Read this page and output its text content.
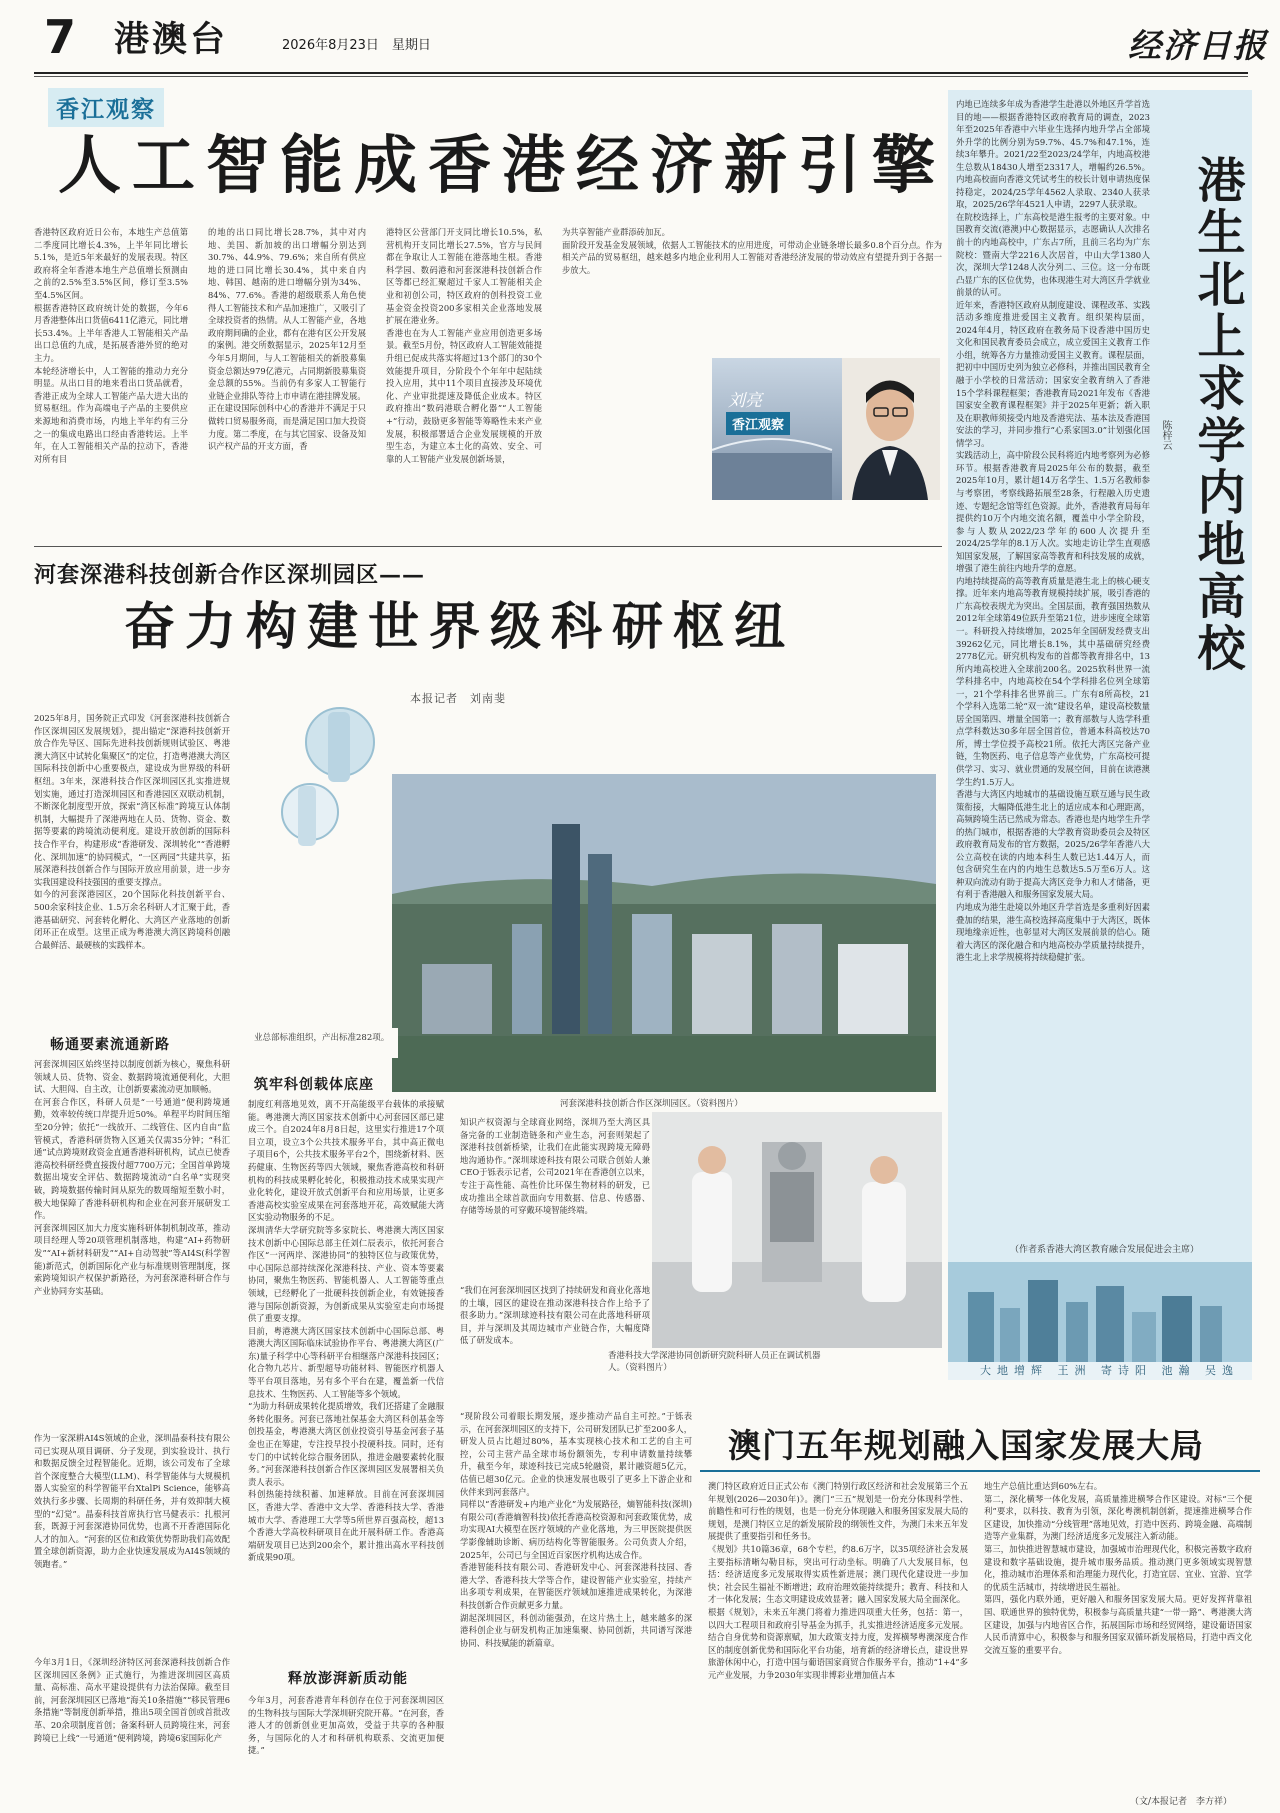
7 港澳台	2026年8月23日　星期日	经济日报
香江观察
人工智能成香港经济新引擎
香港特区政府近日公布，本地生产总值第二季度同比增长4.3%，上半年同比增长5.1%，是近5年来最好的发展表现。特区政府将全年香港本地生产总值增长预测由之前的2.5%至3.5%区间，修订至3.5%至4.5%区间。
根据香港特区政府统计处的数据，今年6月香港整体出口货值6411亿港元，同比增长53.4%。上半年香港人工智能相关产品出口总值约九成，是拓展香港外贸的绝对主力。
本轮经济增长中，人工智能的推动力充分明显。从出口目的地来看出口货品就看，香港正成为全球人工智能产品大进大出的贸易枢纽。作为高端电子产品的主要供应来源地和消费市场，内地上半年约有三分之一的集成电路出口经由香港转运。上半年，在人工智能相关产品的拉动下，香港对所有目
的地的出口同比增长28.7%，其中对内地、美国、新加坡的出口增幅分别达到30.7%、44.9%、79.6%；来自所有供应地的进口同比增长30.4%，其中来自内地、韩国、越南的进口增幅分别为34%、84%、77.6%。香港的超级联系人角色使得人工智能技术和产品加速推广，又吸引了全球投资者的热情。从人工智能产业，各地政府期间确的企业，都有在港有区公开发展的案例。港交所数据显示，2025年12月至今年5月期间，与人工智能相关的新股募集资金总额达979亿港元，占同期新股募集资金总额的55%。当前仍有多家人工智能行业链企业排队等待上市申请在港挂牌发展。
正在建设国际创科中心的香港并不满足于只做转口贸易服务商，而是满足国口加大投资力度。第二季度，在与其它国家、设备及知识产权产品的开支方面，香
港特区公营部门开支同比增长10.5%，私营机构开支同比增长27.5%，官方与民间都在争取让人工智能在港落地生根。香港科学园、数码港和河套深港科技创新合作区等都已经汇聚超过千家人工智能相关企业和初创公司，特区政府的创科投资工业基金资金投资200多家相关企业落地发展扩展在港业务。
香港也在为人工智能产业应用创造更多场景。截至5月份，特区政府人工智能效能提升组已促成共落实将超过13个部门的30个效能提升项目，分阶段个个年年中起陆续投入应用，其中11个项目直接涉及环境优化、产业审批提速及降低企业成本。特区政府推出“数码港联合孵化器”“人工智能+”行动，鼓励更多智能等筹略性未来产业发展，积极部署适合企业发展规模的开放型生态，为建立本土化的高效、安全、可靠的人工智能产业发展创新场景，
为共享智能产业群添砖加瓦。
面阶段开发基金发展领域，依据人工智能技术的应用进度，可带动企业链条增长最多0.8个百分点。作为相关产品的贸易枢纽，越来越多内地企业利用人工智能对香港经济发展的带动效应有望提升到于各据一步放大。
刘亮
香江观察
内地已连续多年成为香港学生赴港以外地区升学首选目的地——根据香港特区政府教育局的调查，2023年至2025年香港中六毕业生选择内地升学占全部境外升学的比例分别为59.7%、45.7%和47.1%，连续3年攀升。2021/22至2023/24学年，内地高校港生总数从18430人增至23317人，增幅约26.5%。内地高校面向香港文凭试考生的校长计划申请热度保持稳定，2024/25学年4562人录取、2340人获录取，2025/26学年4521人申请，2297人获录取。
在院校选择上，广东高校是港生报考的主要对象。中国教育交流(港澳)中心数据显示，志愿确认人次排名前十的内地高校中，广东占7所，且前三名均为广东院校：暨南大学2216人次居首，中山大学1380人次，深圳大学1248人次分列二、三位。这一分布既凸显广东的区位优势，也体现港生对大湾区升学就业前景的认可。
近年来，香港特区政府从制度建设、课程改革、实践活动多维度推进爱国主义教育。组织架构层面，2024年4月，特区政府在教务局下设香港中国历史文化和国民教育委员会成立，成立爱国主义教育工作小组，统筹各方力量推动爱国主义教育。课程层面，把初中中国历史列为独立必修科，并推出国民教育全融于小学校的日常活动；国家安全教育纳入了香港15个学科课程框架；香港教育局2021年发布《香港国家安全教育课程框架》并于2025年更新；新入职及在职教师须接受内地及香港宪法、基本法及香港国安法的学习，并同步推行“心系家国3.0”计划强化国情学习。
实践活动上，高中阶段公民科将近内地考察列为必修环节。根据香港教育局2025年公布的数据，截至2025年10月，累计超14万名学生、1.5万名教师参与考察团，考察线路拓展至28条，行程融入历史遗迹、专题纪念馆等红色资源。此外，香港教育局每年提供约10万个内地交流名额，覆盖中小学全阶段，参与人数从2022/23学年的600人次提升至2024/25学年的8.1万人次。实地走访让学生直观感知国家发展，了解国家高等教育和科技发展的成就，增强了港生前往内地升学的意愿。
内地持续提高的高等教育质量是港生北上的核心硬支撑。近年来内地高等教育规模持续扩展，吸引香港的广东高校表规尤为突出。全国层面，教育强国热数从2012年全球第49位跃升至第21位，进步速度全球第一。科研投入持续增加，2025年全国研发经费支出39262亿元，同比增长8.1%，其中基础研究经费2778亿元。研究机构发布的首都等教育排名中，13所内地高校进入全球前200名。2025软科世界一流学科排名中，内地高校在54个学科排名位列全球第一，21个学科排名世界前三。广东有8所高校，21个学科入选第二轮“双一流”建设名单，建设高校数量居全国第四、增量全国第一；教育部数与人选学科重点学科数达30多年居全国首位，普通本科高校达70所，博士学位授予高校21所。依托大湾区完备产业链，生物医药、电子信息等产业优势，广东高校可提供学习、实习、就业贯通的发展空间，目前在读港澳学生约1.5万人。
香港与大湾区内地城市的基础设施互联互通与民生政策衔接，大幅降低港生北上的适应成本和心理距离，高频跨境生活已然成为常态。香港也是内地学生升学的热门城市，根据香港的大学教育资助委员会及特区政府教育局发布的官方数据，2025/26学年香港八大公立高校在读的内地本科生人数已达1.44万人，而包含研究生在内的内地生总数达5.5万至6万人。这种双向流动有助于提高大湾区竞争力和人才储备，更有利于香港融入和服务国家发展大局。
内地成为港生赴境以外地区升学首选是多重利好因素叠加的结果，港生高校选择高度集中于大湾区，既体现地缘亲近性，也彰显对大湾区发展前景的信心。随着大湾区的深化融合和内地高校办学质量持续提升，港生北上求学规模将持续稳健扩张。
港生北上求学内地高校
陈梓云
（作者系香港大湾区教育融合发展促进会主席）
大地增辉 王洲 寄诗阳 池瀚 吴逸
河套深港科技创新合作区深圳园区——
奋力构建世界级科研枢纽
本报记者　刘南斐
2025年8月，国务院正式印发《河套深港科技创新合作区深圳园区发展规划》，提出锚定“深港科技创新开放合作先导区、国际先进科技创新规则试验区、粤港澳大湾区中试转化集聚区”的定位，打造粤港澳大湾区国际科技创新中心重要极点，建设成为世界级的科研枢纽。3年来，深港科技合作区深圳园区扎实推进规划实施，通过打造深圳园区和香港园区双联动机制，不断深化制度型开放，探索“湾区标准”跨境互认体制机制，大幅提升了深港两地在人员、货物、资金、数据等要素的跨境流动便利度。建设开放创新的国际科技合作平台，构建形成“香港研发、深圳转化”“香港孵化、深圳加速”的协同模式，“一区两园”共建共享，拓展深港科技创新合作与国际开放应用前景，进一步夯实我国建设科技强国的重要支撑点。
如今的河套深港园区，20个国际化科技创新平台、500余家科技企业、1.5万余名科研人才汇聚于此，香港基础研究、河套转化孵化、大湾区产业落地的创新闭环正在成型。这里正成为粤港澳大湾区跨境科创融合最鲜活、最硬核的实践样本。
畅通要素流通新路
河套深圳园区始终坚持以制度创新为核心，聚焦科研领域人员、货物、资金、数据跨境流通便利化，大胆试、大胆闯、自主改，让创新要素流动更加顺畅。
在河套合作区，科研人员是“一号通道”便利跨境通勤，效率较传统口岸提升近50%。单程平均时间压缩至20分钟；依托“一线放开、二线管住、区内自由”监管模式，香港科研货物入区通关仅需35分钟；“科汇通”试点跨境财政资金直通香港科研机构，试点已使香港高校科研经费直接拨付超7700万元；全国首单跨境数据出境安全评估、数据跨境流动“白名单”实现突破，跨境数据传输时间从原先的数周缩短至数小时，极大地保障了香港科研机构和企业在河套开展研发工作。
河套深圳园区加大力度实施科研体制机制改革，推动项目经理人等20项管理机制落地，构建“AI+药物研发”“AI+新材料研发”“AI+自动驾驶”等AI4S(科学智能)新范式，创新国际化产业与标准规则管理制度，探索跨境知识产权保护新路径，为河套深港科研合作与产业协同夯实基础。
作为一家深耕AI4S领域的企业，深圳晶泰科技有限公司已实现从项目调研、分子发现，到实验设计、执行和数据反馈全过程智能化。近期，该公司发布了全球首个深度整合大模型(LLM)、科学智能体与大规模机器人实验室的科学智能平台XtalPi Science，能够高效执行多步骤、长周期的科研任务，并有效抑制大模型的“幻觉”。晶泰科技首席执行官马健表示：扎根河套，既源于河套深港协同优势，也离不开香港国际化人才的加入。“河套的区位和政策优势帮助我们高效配置全球创新资源，助力企业快速发展成为AI4S领域的领跑者。”
今年3月1日，《深圳经济特区河套深港科技创新合作区深圳园区条例》正式施行，为推进深圳园区高质量、高标准、高水平建设提供有力法治保障。截至目前，河套深圳园区已落地“海关10条措施”“移民管理6条措施”等制度创新举措，推出5项全国首创或首批改革、20余项制度首创；备案科研人员跨境往来，河套跨境已上线“一号通道”便利跨境，跨境6家国际化产
业总部标准组织，产出标准282项。
河套深港科技创新合作区深圳园区。（资料图片）
筑牢科创载体底座
制度红利落地见效，离不开高能级平台载体的承接赋能。粤港澳大湾区国家技术创新中心河套园区部已建成三个。自2024年8月8日起，这里实行推进17个项目立项，设立3个公共技术服务平台，其中高正微电子项目6个，公共技术服务平台2个，围绕新材料、医药健康、生物医药等四大领域，聚焦香港高校和科研机构的科技成果孵化转化，积极推动技术成果实现产业化转化，建设开放式创新平台和应用场景，让更多香港高校实验室成果在河套落地开花，高效赋能大湾区实验动物服务的不足。
深圳清华大学研究院等多家院长、粤港澳大湾区国家技术创新中心国际总部主任刘仁辰表示，依托河套合作区“一河两岸、深港协同”的独特区位与政策优势，中心国际总部持续深化深港科技、产业、资本等要素协同，聚焦生物医药、智能机器人、人工智能等重点领域，已经孵化了一批硬科技创新企业，有效链接香港与国际创新资源，为创新成果从实验室走向市场提供了重要支撑。
目前，粤港澳大湾区国家技术创新中心国际总部、粤港澳大湾区国际临床试验协作平台、粤港澳大湾区(广东)量子科学中心等科研平台相继落户深港科技园区；化合物九芯片、新型超导功能材料、智能医疗机器人等平台项目落地，另有多个平台在建，覆盖新一代信息技术、生物医药、人工智能等多个领域。
“为助力科研成果转化提质增效，我们还搭建了金融服务转化服务。河套已落地社保基金大湾区科创基金等创投基金，粤港澳大湾区创业投资引导基金河套子基金也正在筹建，专注投早投小投硬科技。同时，还有专门的中试转化综合服务团队，推进金融要素转化服务。”河套深港科技创新合作区深圳园区发展署相关负责人表示。
科创热能持续积蓄、加速释放。目前在河套深圳园区，香港大学、香港中文大学、香港科技大学、香港城市大学、香港理工大学等5所世界百强高校，超13个香港大学高校科研项目在此开展科研工作。香港高端研发项目已达到200余个，累计推出高水平科技创新成果90项。
释放澎湃新质动能
今年3月，河套香港青年科创存在位于河套深圳园区的生物科技与国际大学深圳研究院开幕。“在河套，香港人才的创新创业更加高效，受益于共享的各种服务，与国际化的人才和科研机构联系、交流更加便捷。”
知识产权资源与全球商业网络，深圳乃至大湾区具备完备的工业制造链条和产业生态，河套则架起了深港科技创新桥梁，让我们在此能实现跨境无障碍地沟通协作。”深圳球迹科技有限公司联合创始人兼CEO于铄表示记者，公司2021年在香港创立以来，专注于高性能、高性价比环保生物材料的研发，已成功推出全球首款面向专用数据、信息、传感器、存储等场景的可穿戴环境智能终端。
香港科技大学深港协同创新研究院科研人员正在调试机器人。（资料图片）
“我们在河套深圳园区找到了持续研发和商业化落地的土壤，园区的建设在推动深港科技合作上给予了很多助力。”深圳球迹科技有限公司在此落地科研项目，并与深圳及其周边城市产业链合作，大幅度降低了研发成本。
“现阶段公司着眼长期发展，逐步推动产品自主可控。”于铄表示，在河套深圳园区的支持下，公司研发团队已扩至200多人，研发人员占比超过80%，基本实现核心技术和工艺的自主可控，公司主营产品全球市场份额领先，专利申请数量持续攀升，截至今年，球迹科技已完成5轮融资，累计融资超5亿元，估值已超30亿元。企业的快速发展也吸引了更多上下游企业和伙伴来到河套落户。
同样以“香港研发+内地产业化”为发展路径，熵智能科技(深圳)有限公司(香港熵智科技)依托香港高校资源和河套政策优势，成功实现AI大模型在医疗领域的产业化落地，为三甲医院提供医学影像辅助诊断、病历结构化等智能服务。公司负责人介绍，2025年，公司已与全国近百家医疗机构达成合作。
香港智能科技有限公司、香港研发中心、河套深港科技园、香港大学、香港科技大学等合作，建设智能产业实验室，持续产出多项专利成果，在智能医疗领域加速推进成果转化，为深港科技创新合作贡献更多力量。
湖起深圳园区，科创动能强劲，在这片热土上，越来越多的深港科创企业与研发机构正加速集聚、协同创新，共同谱写深港协同、科技赋能的新篇章。
澳门五年规划融入国家发展大局
澳门特区政府近日正式公布《澳门特别行政区经济和社会发展第三个五年规划(2026—2030年)》。澳门“三五”规划是一份充分体现科学性、前瞻性和可行性的规划，也是一份充分体现融入和服务国家发展大局的规划，是澳门特区立足的新发展阶段的纲领性文件，为澳门未来五年发展提供了重要指引和任务书。
《规划》共10篇36章，68个专栏，约8.6万字，以35项经济社会发展主要指标清晰勾勒目标，突出可行动坐标。明确了八大发展目标，包括：经济适度多元发展取得实质性新进展；澳门现代化建设进一步加快；社会民生福祉不断增进；政府治理效能持续提升；教育、科技和人才一体化发展；生态文明建设成效显著；融入国家发展大局全面深化。
根据《规划》，未来五年澳门将着力推进四项重大任务，包括：第一，以四大工程项目和政府引导基金为抓手，扎实推进经济适度多元发展。结合自身优势和资源禀赋，加大政策支持力度，发挥横琴粤澳深度合作区的制度创新优势和国际化平台功能，培育新的经济增长点，建设世界旅游休闲中心，打造中国与葡语国家商贸合作服务平台，推动“1+4”多元产业发展，力争2030年实现非博彩业增加值占本
地生产总值比重达到60%左右。
第二，深化横琴一体化发展，高质量推进横琴合作区建设。对标“三个便利”要求，以科技、教育为引领，深化粤澳机制创新，提速推进横琴合作区建设，加快推动“分线管理”落地见效，打造中医药、跨境金融、高端制造等产业集群，为澳门经济适度多元发展注入新动能。
第三，加快推进智慧城市建设，加强城市治理现代化，积极完善数字政府建设和数字基础设施，提升城市服务品质。推动澳门更多领域实现智慧化，推动城市治理体系和治理能力现代化，打造宜居、宜业、宜游、宜学的优质生活城市，持续增进民生福祉。
第四，强化内联外通，更好融入和服务国家发展大局。更好发挥背靠祖国、联通世界的独特优势，积极参与高质量共建“一带一路”、粤港澳大湾区建设，加强与内地省区合作，拓展国际市场和经贸网络，建设葡语国家人民币清算中心，积极参与和服务国家双循环新发展格局，打造中西文化交流互鉴的重要平台。
（文/本报记者　李方祥）
